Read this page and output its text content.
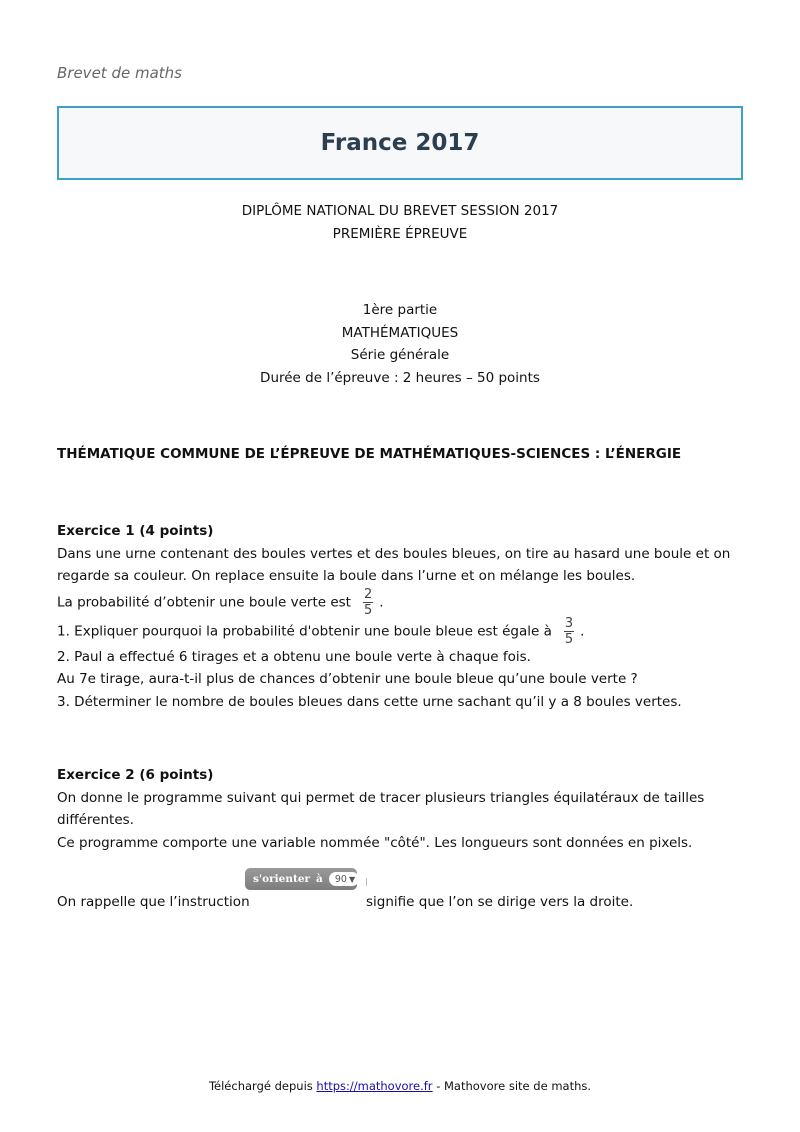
Brevet de maths
France 2017
DIPLÔME NATIONAL DU BREVET SESSION 2017
PREMIÈRE ÉPREUVE
1ère partie
MATHÉMATIQUES
Série générale
Durée de l’épreuve : 2 heures – 50 points
THÉMATIQUE COMMUNE DE L’ÉPREUVE DE MATHÉMATIQUES-SCIENCES : L’ÉNERGIE
Exercice 1 (4 points)

Dans une urne contenant des boules vertes et des boules bleues, on tire au hasard une boule et on regarde sa couleur. On replace ensuite la boule dans l’urne et on mélange les boules.

La probabilité d’obtenir une boule verte est $\frac{2}{5}$ .

1. Expliquer pourquoi la probabilité d'obtenir une boule bleue est égale à $\frac{3}{5}$ .

2. Paul a effectué 6 tirages et a obtenu une boule verte à chaque fois.

Au 7e tirage, aura-t-il plus de chances d’obtenir une boule bleue qu’une boule verte ?

3. Déterminer le nombre de boules bleues dans cette urne sachant qu’il y a 8 boules vertes.

Exercice 2 (6 points)

On donne le programme suivant qui permet de tracer plusieurs triangles équilatéraux de tailles différentes.

Ce programme comporte une variable nommée "côté". Les longueurs sont données en pixels.

On rappelle que l’instruction
s'orienter à 90 ▼
signifie que l’on se dirige vers la droite.
Téléchargé depuis https://mathovore.fr - Mathovore site de maths.
